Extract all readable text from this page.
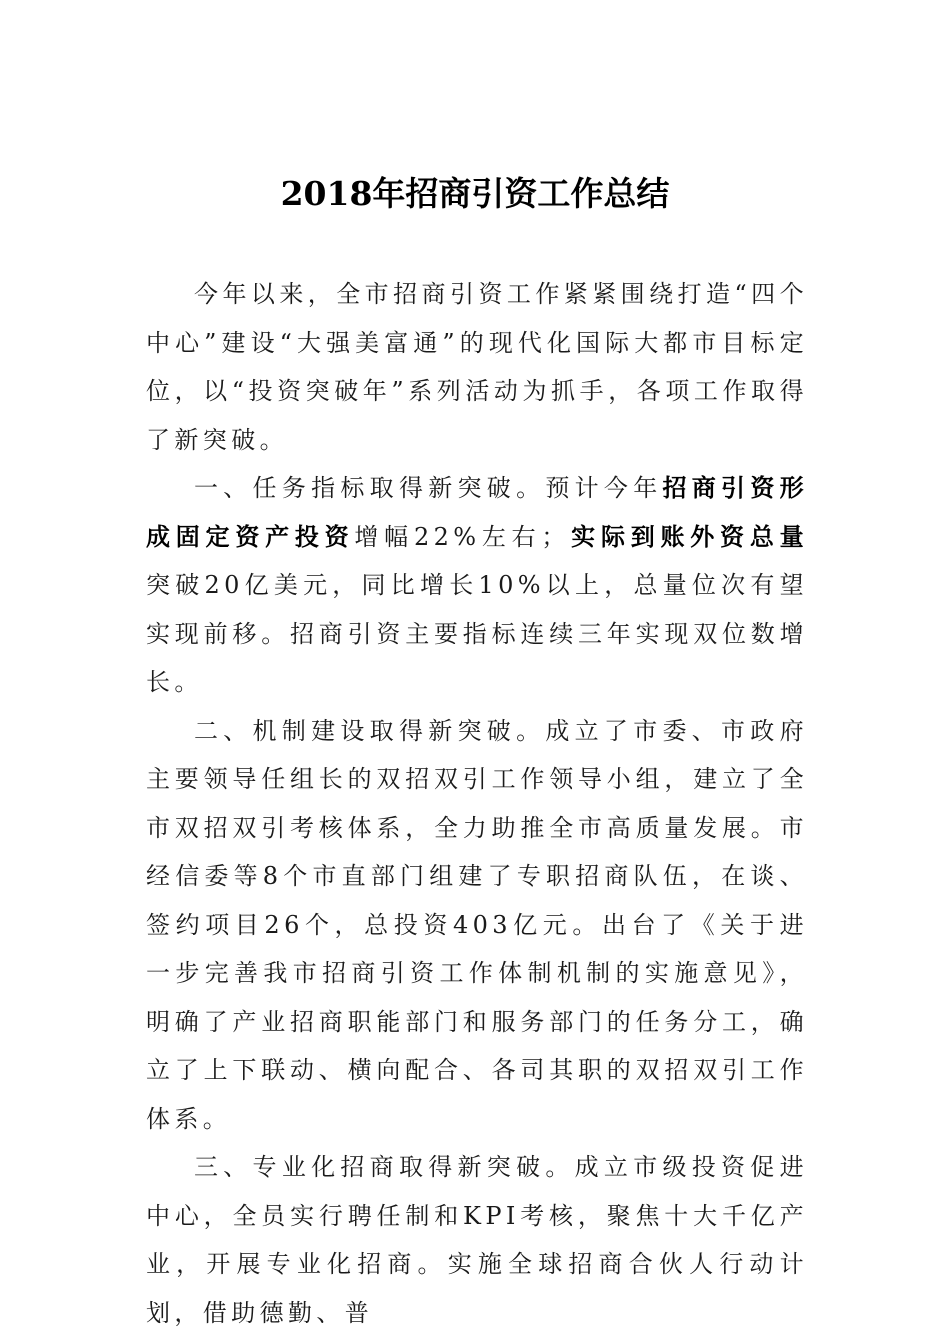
2018年招商引资工作总结

今年以来，全市招商引资工作紧紧围绕打造“四个中心”建设“大强美富通”的现代化国际大都市目标定位，以“投资突破年”系列活动为抓手，各项工作取得了新突破。

一、任务指标取得新突破。预计今年招商引资形成固定资产投资增幅22%左右；实际到账外资总量突破20亿美元，同比增长10%以上，总量位次有望实现前移。招商引资主要指标连续三年实现双位数增长。

二、机制建设取得新突破。成立了市委、市政府主要领导任组长的双招双引工作领导小组，建立了全市双招双引考核体系，全力助推全市高质量发展。市经信委等8个市直部门组建了专职招商队伍，在谈、签约项目26个，总投资403亿元。出台了《关于进一步完善我市招商引资工作体制机制的实施意见》，明确了产业招商职能部门和服务部门的任务分工，确立了上下联动、横向配合、各司其职的双招双引工作体系。

三、专业化招商取得新突破。成立市级投资促进中心，全员实行聘任制和KPI考核，聚焦十大千亿产业，开展专业化招商。实施全球招商合伙人行动计划，借助德勤、普
